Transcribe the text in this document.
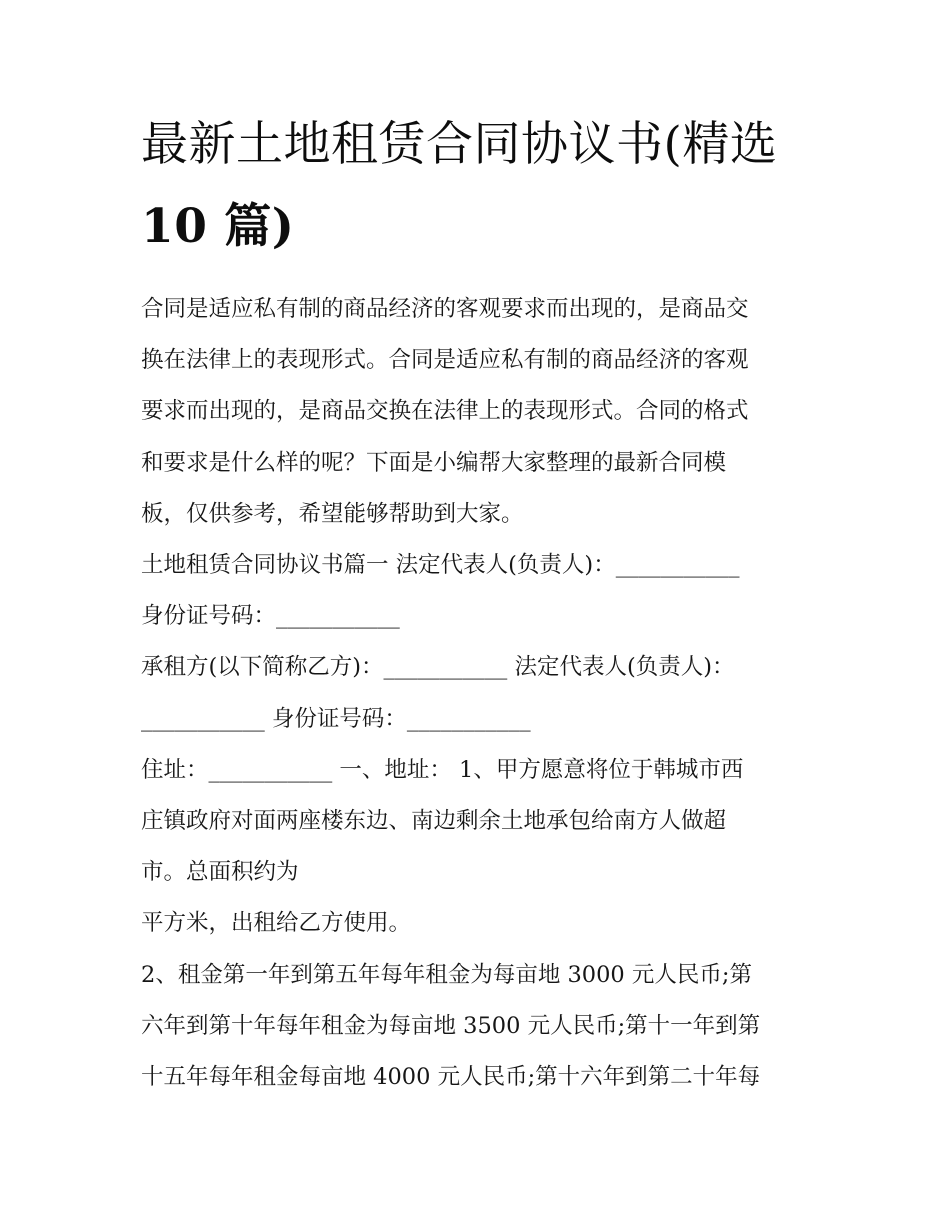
最新土地租赁合同协议书(精选
10 篇)
合同是适应私有制的商品经济的客观要求而出现的，是商品交
换在法律上的表现形式。合同是适应私有制的商品经济的客观
要求而出现的，是商品交换在法律上的表现形式。合同的格式
和要求是什么样的呢？下面是小编帮大家整理的最新合同模
板，仅供参考，希望能够帮助到大家。
土地租赁合同协议书篇一 法定代表人(负责人)：___________
身份证号码：___________
承租方(以下简称乙方)：___________ 法定代表人(负责人)：
___________ 身份证号码：___________
住址：___________ 一、地址： 1、甲方愿意将位于韩城市西
庄镇政府对面两座楼东边、南边剩余土地承包给南方人做超
市。总面积约为
平方米，出租给乙方使用。
2、租金第一年到第五年每年租金为每亩地 3000 元人民币;第
六年到第十年每年租金为每亩地 3500 元人民币;第十一年到第
十五年每年租金每亩地 4000 元人民币;第十六年到第二十年每
